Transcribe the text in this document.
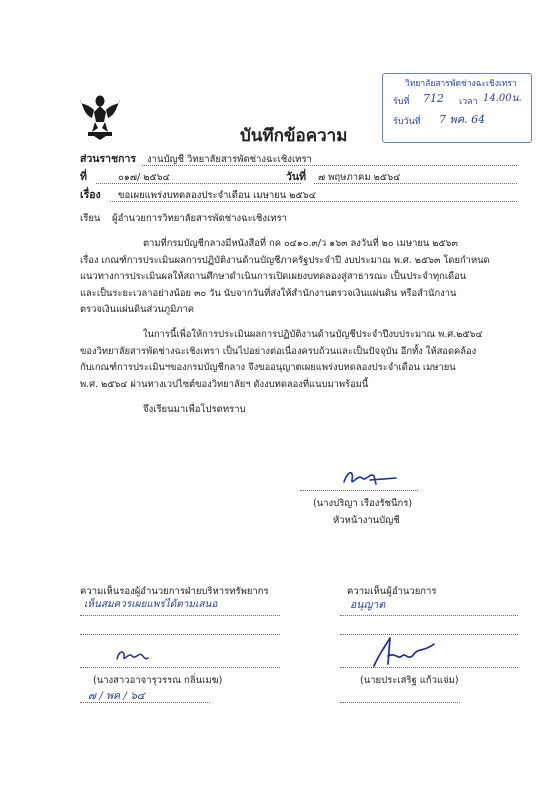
วิทยาลัยสารพัดช่างฉะเชิงเทรา
รับที่ 712 เวลา 14.00น.
รับวันที่ 7 พค. 64
บันทึกข้อความ
ส่วนราชการ งานบัญชี วิทยาลัยสารพัดช่างฉะเชิงเทรา
ที่	๐๑๗/ ๒๕๖๔	วันที่ ๗ พฤษภาคม ๒๕๖๔
เรื่อง ขอเผยแพร่งบทดลองประจำเดือน เมษายน ๒๕๖๔
เรียน ผู้อำนวยการวิทยาลัยสารพัดช่างฉะเชิงเทรา
ตามที่กรมบัญชีกลางมีหนังสือที่ กค ๐๔๑๐.๓/ว ๑๖๓ ลงวันที่ ๒๐ เมษายน ๒๕๖๓
เรื่อง เกณฑ์การประเมินผลการปฏิบัติงานด้านบัญชีภาครัฐประจำปี งบประมาณ พ.ศ. ๒๕๖๓ โดยกำหนด
แนวทางการประเมินผลให้สถานศึกษาดำเนินการเปิดเผยงบทดลองสู่สาธารณะ เป็นประจำทุกเดือน
และเป็นระยะเวลาอย่างน้อย ๓๐ วัน นับจากวันที่ส่งให้สำนักงานตรวจเงินแผ่นดิน หรือสำนักงาน
ตรวจเงินแผ่นดินส่วนภูมิภาค
ในการนี้เพื่อให้การประเมินผลการปฏิบัติงานด้านบัญชีประจำปีงบประมาณ พ.ศ.๒๕๖๔
ของวิทยาลัยสารพัดช่างฉะเชิงเทรา เป็นไปอย่างต่อเนื่องครบถ้วนและเป็นปัจจุบัน อีกทั้ง ให้สอดคล้อง
กับเกณฑ์การประเมินฯของกรมบัญชีกลาง จึงขออนุญาตเผยแพร่งบทดลองประจำเดือน เมษายน
พ.ศ. ๒๕๖๔ ผ่านทางเวปไซต์ของวิทยาลัยฯ ดังงบทดลองที่แนบมาพร้อมนี้
จึงเรียนมาเพื่อโปรดทราบ
(นางปริญา เรืองรัชนีกร)
หัวหน้างานบัญชี
ความเห็นรองผู้อำนวยการฝ่ายบริหารทรัพยากร
เห็นสมควรเผยแพร่ได้ตามเสนอ
(นางสาวอาจารุวรรณ กลิ่นเมฆ)
๗ / พค / ๖๔
ความเห็นผู้อำนวยการ
อนุญาต
(นายประเสริฐ แก้วแจ่ม)
